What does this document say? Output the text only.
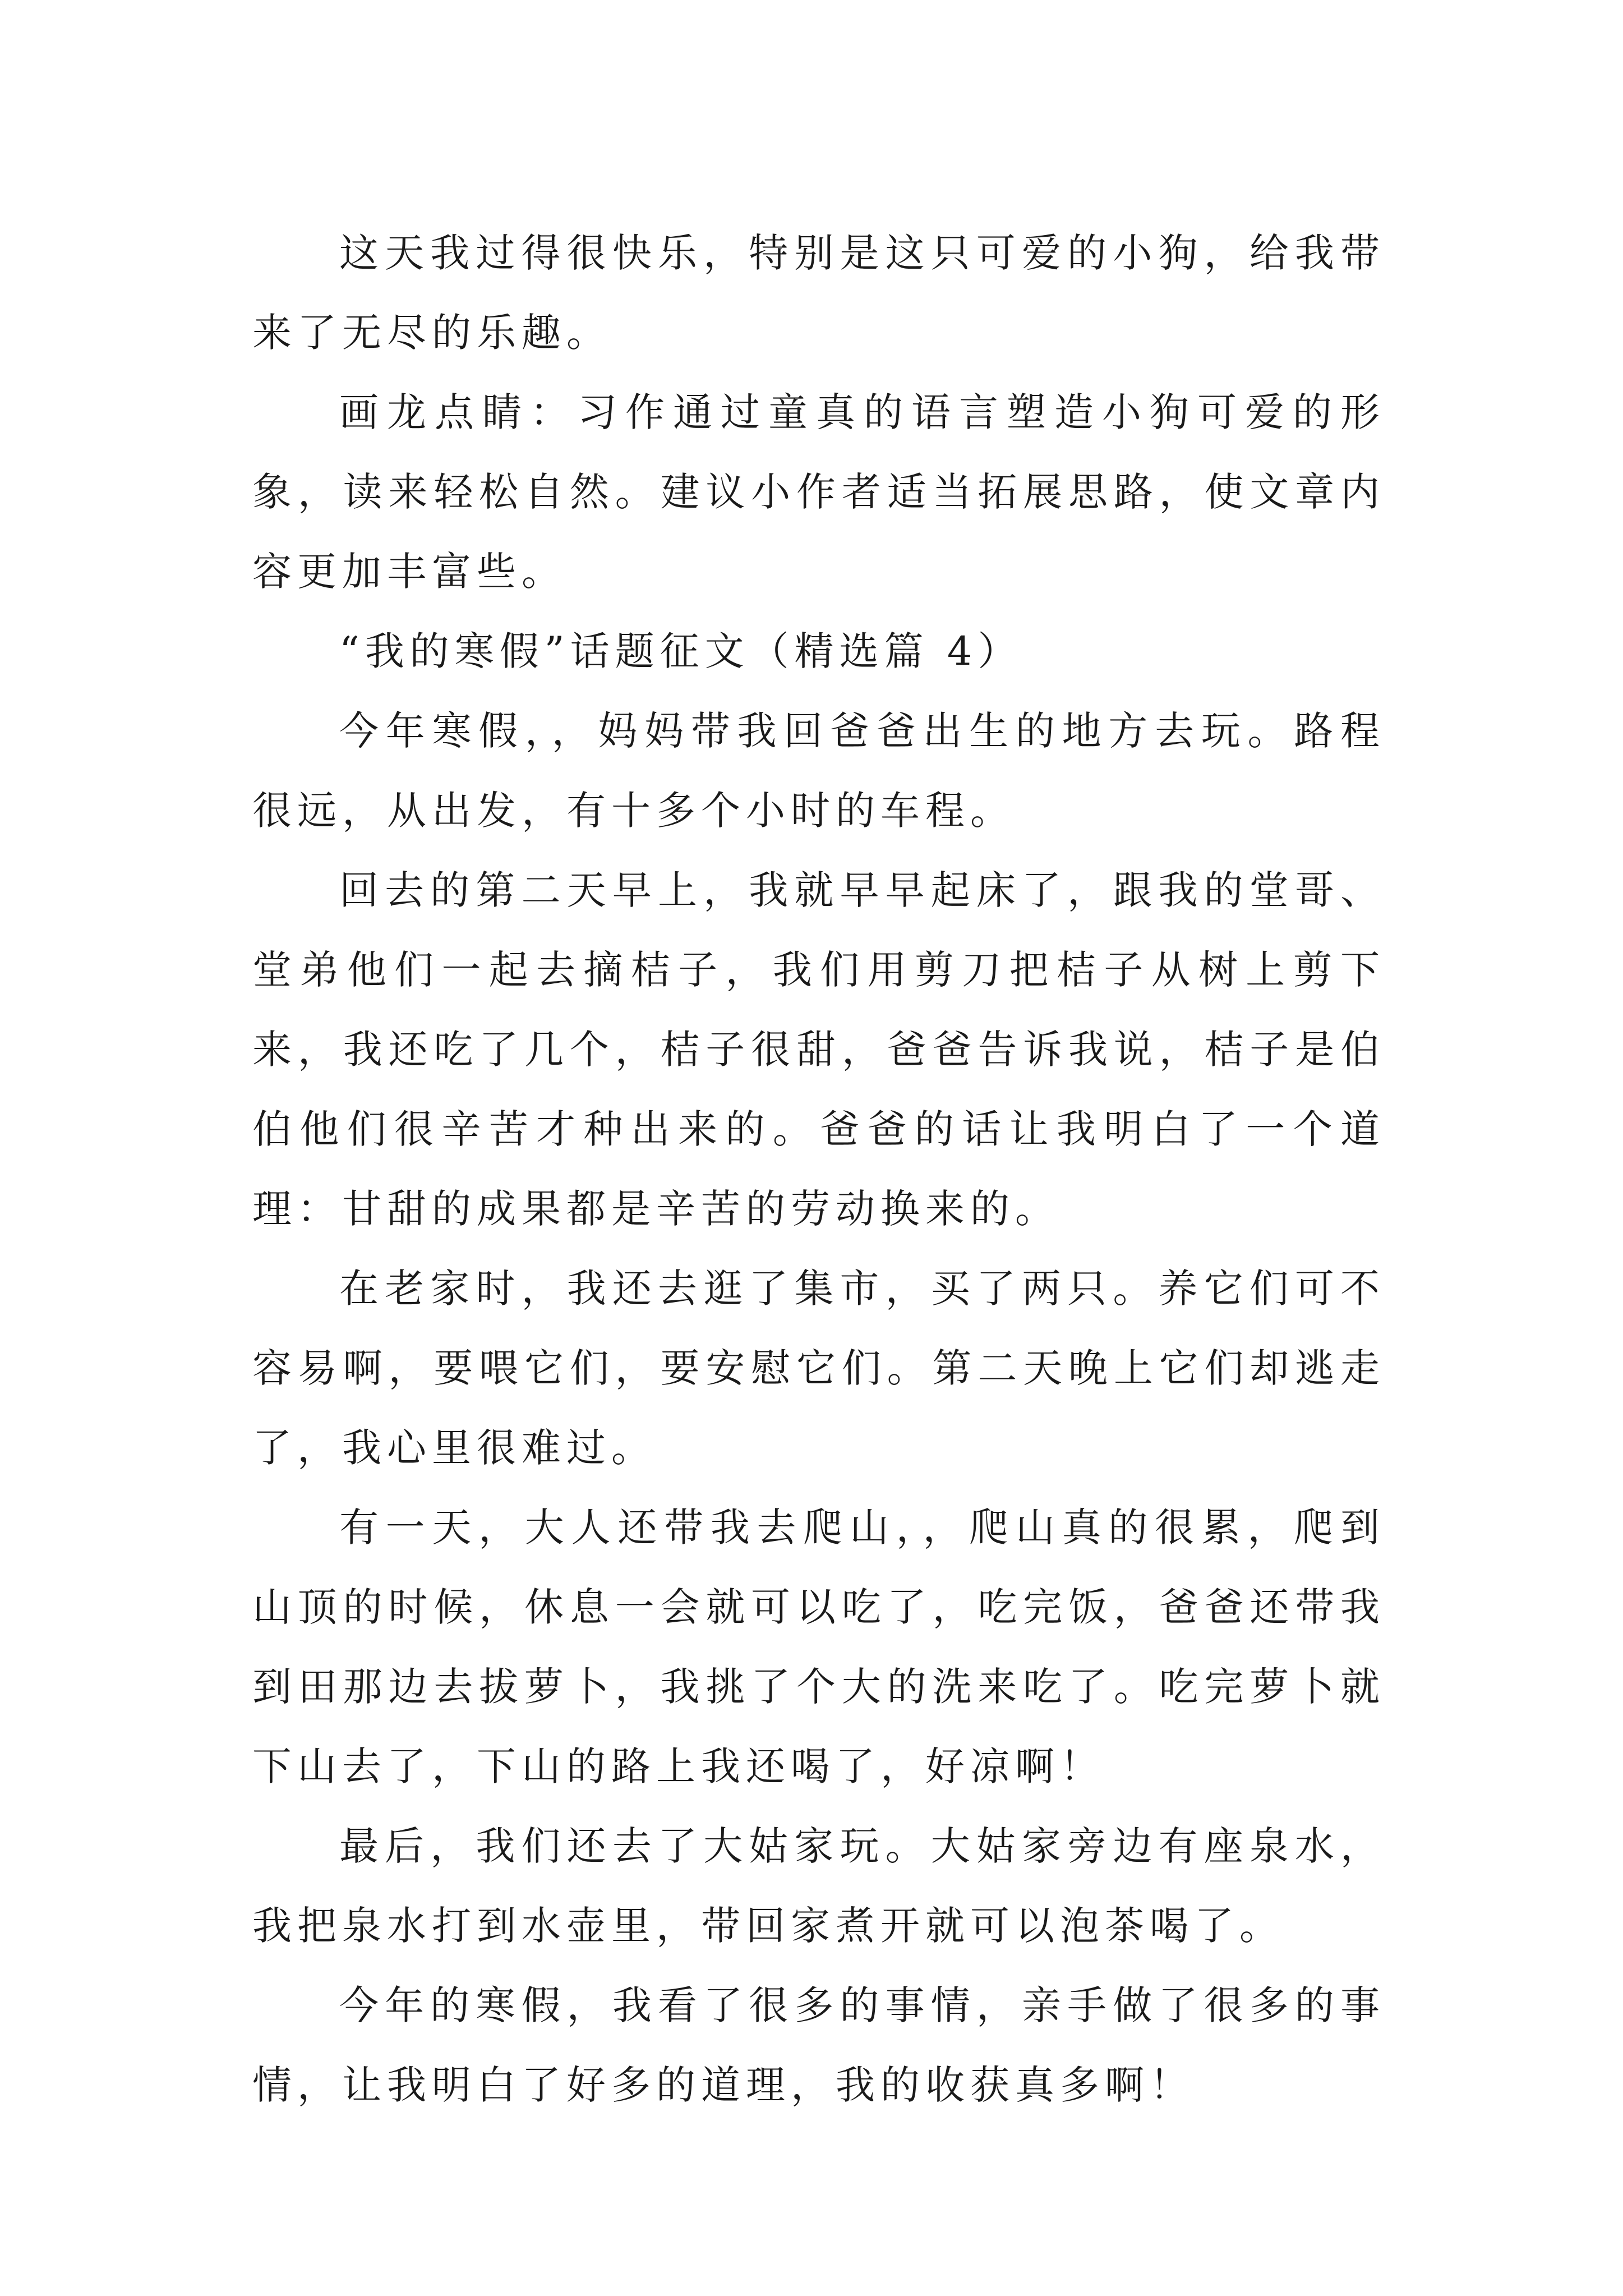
这天我过得很快乐，特别是这只可爱的小狗，给我带来了无尽的乐趣。

画龙点睛：习作通过童真的语言塑造小狗可爱的形象，读来轻松自然。建议小作者适当拓展思路，使文章内容更加丰富些。

“我的寒假”话题征文（精选篇 4）

今年寒假，，妈妈带我回爸爸出生的地方去玩。路程很远，从出发，有十多个小时的车程。

回去的第二天早上，我就早早起床了，跟我的堂哥、堂弟他们一起去摘桔子，我们用剪刀把桔子从树上剪下来，我还吃了几个，桔子很甜，爸爸告诉我说，桔子是伯伯他们很辛苦才种出来的。爸爸的话让我明白了一个道理：甘甜的成果都是辛苦的劳动换来的。

在老家时，我还去逛了集市，买了两只。养它们可不容易啊，要喂它们，要安慰它们。第二天晚上它们却逃走了，我心里很难过。

有一天，大人还带我去爬山，，爬山真的很累，爬到山顶的时候，休息一会就可以吃了，吃完饭，爸爸还带我到田那边去拔萝卜，我挑了个大的洗来吃了。吃完萝卜就下山去了，下山的路上我还喝了，好凉啊！

最后，我们还去了大姑家玩。大姑家旁边有座泉水，我把泉水打到水壶里，带回家煮开就可以泡茶喝了。

今年的寒假，我看了很多的事情，亲手做了很多的事情，让我明白了好多的道理，我的收获真多啊！
